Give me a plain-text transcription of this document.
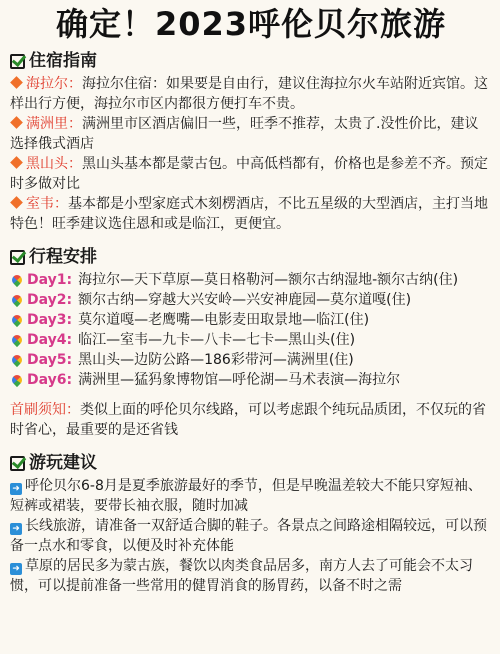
确定！2023呼伦贝尔旅游
住宿指南

海拉尔：海拉尔住宿：如果要是自由行，建议住海拉尔火车站附近宾馆。这样出行方便，海拉尔市区内都很方便打车不贵。

满洲里：满洲里市区酒店偏旧一些，旺季不推荐，太贵了.没性价比，建议选择俄式酒店

黑山头：黑山头基本都是蒙古包。中高低档都有，价格也是参差不齐。预定时多做对比

室韦：基本都是小型家庭式木刻楞酒店，不比五星级的大型酒店，主打当地特色！旺季建议选住恩和或是临江，更便宜。

行程安排
Day1: 海拉尔—天下草原—莫日格勒河—额尔古纳湿地-额尔古纳(住)
Day2: 额尔古纳—穿越大兴安岭—兴安神鹿园—莫尔道嘎(住)
Day3: 莫尔道嘎—老鹰嘴—电影麦田取景地—临江(住)
Day4: 临江—室韦—九卡—八卡—七卡—黑山头(住)
Day5: 黑山头—边防公路—186彩带河—满洲里(住)
Day6: 满洲里—猛犸象博物馆—呼伦湖—马术表演—海拉尔

首刷须知：类似上面的呼伦贝尔线路，可以考虑跟个纯玩品质团，不仅玩的省时省心，最重要的是还省钱

游玩建议

➜ 呼伦贝尔6-8月是夏季旅游最好的季节，但是早晚温差较大不能只穿短袖、短裤或裙装，要带长袖衣服，随时加减

➜ 长线旅游，请准备一双舒适合脚的鞋子。各景点之间路途相隔较远，可以预备一点水和零食，以便及时补充体能

➜ 草原的居民多为蒙古族，餐饮以肉类食品居多，南方人去了可能会不太习惯，可以提前准备一些常用的健胃消食的肠胃药，以备不时之需
